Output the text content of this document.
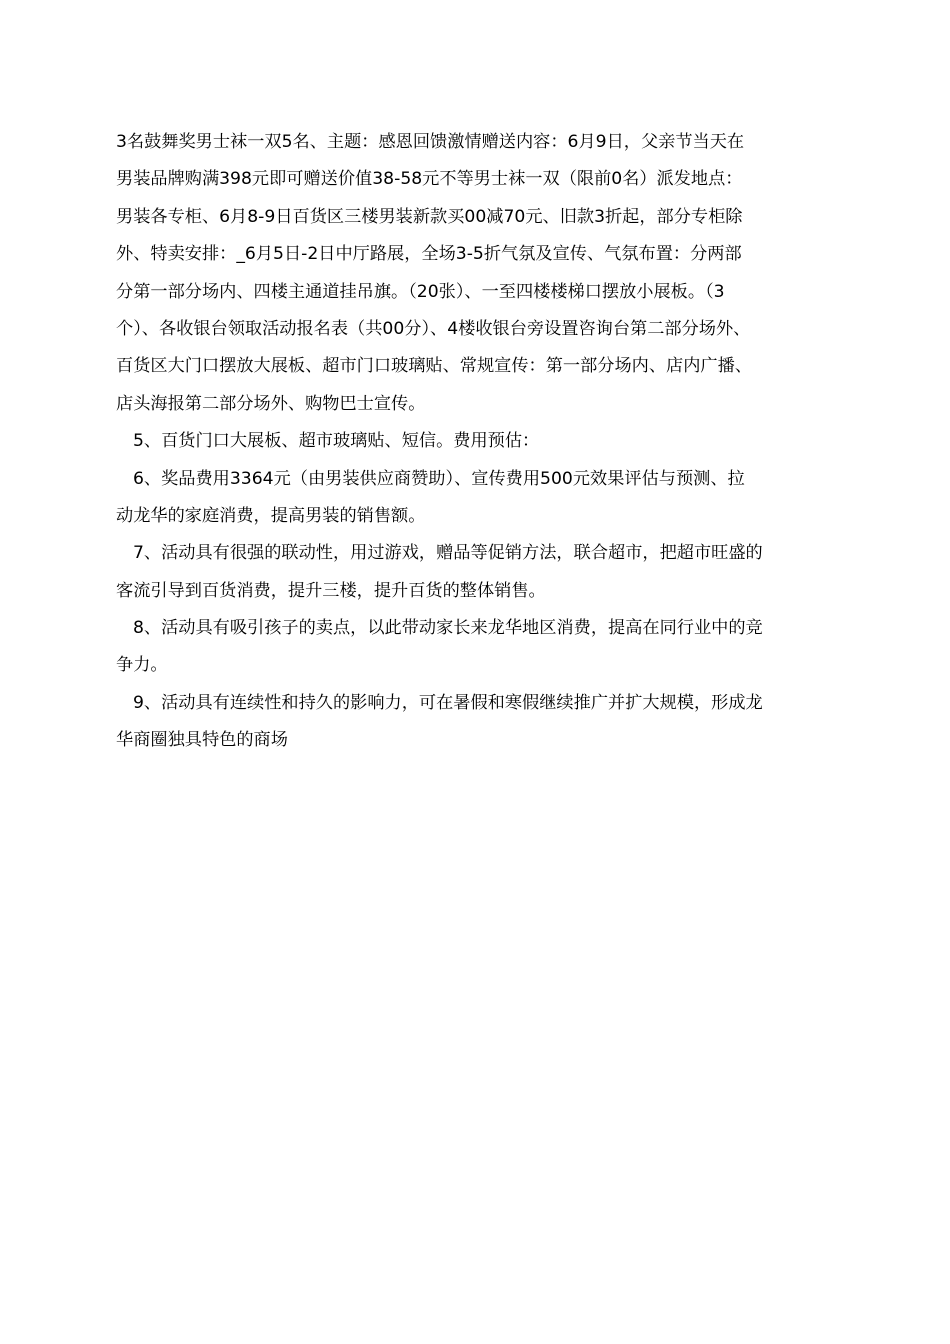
3名鼓舞奖男士袜一双5名、主题：感恩回馈激情赠送内容：6月9日，父亲节当天在
男装品牌购满398元即可赠送价值38-58元不等男士袜一双（限前0名）派发地点：
男装各专柜、6月8-9日百货区三楼男装新款买00减70元、旧款3折起，部分专柜除
外、特卖安排：_6月5日-2日中厅路展，全场3-5折气氛及宣传、气氛布置：分两部
分第一部分场内、四楼主通道挂吊旗。（20张）、一至四楼楼梯口摆放小展板。（3
个）、各收银台领取活动报名表（共00分）、4楼收银台旁设置咨询台第二部分场外、
百货区大门口摆放大展板、超市门口玻璃贴、常规宣传：第一部分场内、店内广播、
店头海报第二部分场外、购物巴士宣传。
5、百货门口大展板、超市玻璃贴、短信。费用预估：
6、奖品费用3364元（由男装供应商赞助）、宣传费用500元效果评估与预测、拉
动龙华的家庭消费，提高男装的销售额。
7、活动具有很强的联动性，用过游戏，赠品等促销方法，联合超市，把超市旺盛的
客流引导到百货消费，提升三楼，提升百货的整体销售。
8、活动具有吸引孩子的卖点，以此带动家长来龙华地区消费，提高在同行业中的竞
争力。
9、活动具有连续性和持久的影响力，可在暑假和寒假继续推广并扩大规模，形成龙
华商圈独具特色的商场
